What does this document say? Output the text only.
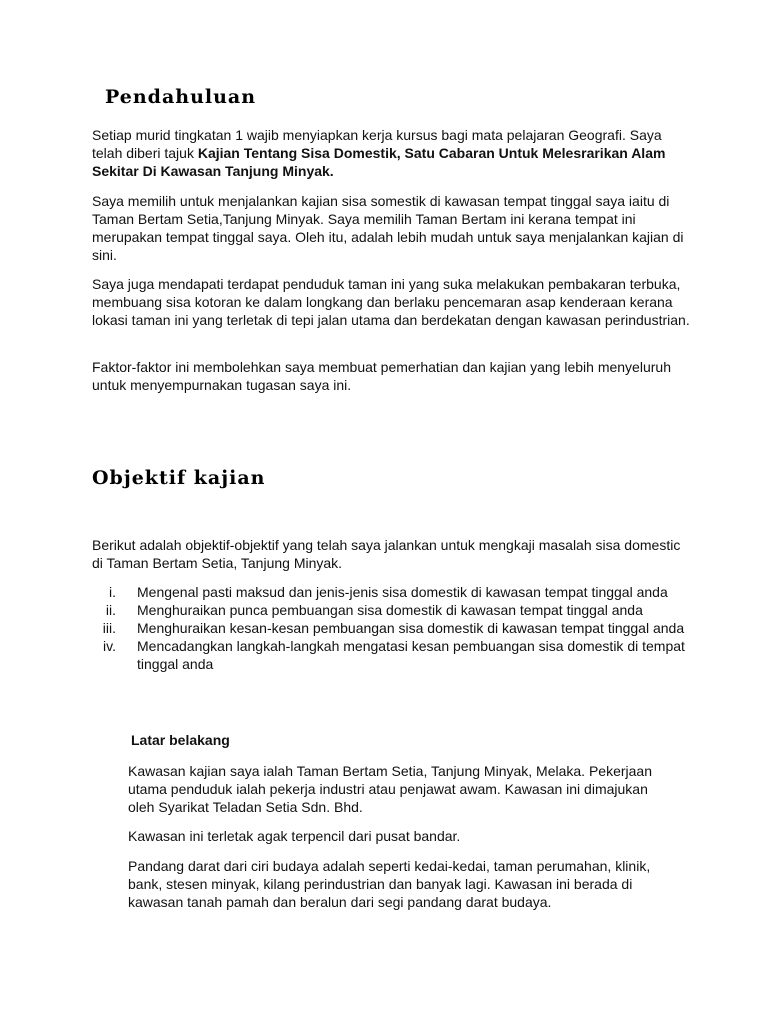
Pendahuluan

Setiap murid tingkatan 1 wajib menyiapkan kerja kursus bagi mata pelajaran Geografi. Saya telah diberi tajuk Kajian Tentang Sisa Domestik, Satu Cabaran Untuk Melesrarikan Alam Sekitar Di Kawasan Tanjung Minyak.

Saya memilih untuk menjalankan kajian sisa somestik di kawasan tempat tinggal saya iaitu di Taman Bertam Setia,Tanjung Minyak. Saya memilih Taman Bertam ini kerana tempat ini merupakan tempat tinggal saya. Oleh itu, adalah lebih mudah untuk saya menjalankan kajian di sini.

Saya juga mendapati terdapat penduduk taman ini yang suka melakukan pembakaran terbuka, membuang sisa kotoran ke dalam longkang dan berlaku pencemaran asap kenderaan kerana lokasi taman ini yang terletak di tepi jalan utama dan berdekatan dengan kawasan perindustrian.

Faktor-faktor ini membolehkan saya membuat pemerhatian dan kajian yang lebih menyeluruh untuk menyempurnakan tugasan saya ini.

Objektif kajian

Berikut adalah objektif-objektif yang telah saya jalankan untuk mengkaji masalah sisa domestic di Taman Bertam Setia, Tanjung Minyak.

i. Mengenal pasti maksud dan jenis-jenis sisa domestik di kawasan tempat tinggal anda
ii. Menghuraikan punca pembuangan sisa domestik di kawasan tempat tinggal anda
iii. Menghuraikan kesan-kesan pembuangan sisa domestik di kawasan tempat tinggal anda
iv. Mencadangkan langkah-langkah mengatasi kesan pembuangan sisa domestik di tempat tinggal anda
Latar belakang

Kawasan kajian saya ialah Taman Bertam Setia, Tanjung Minyak, Melaka. Pekerjaan utama penduduk ialah pekerja industri atau penjawat awam. Kawasan ini dimajukan oleh Syarikat Teladan Setia Sdn. Bhd.

Kawasan ini terletak agak terpencil dari pusat bandar.

Pandang darat dari ciri budaya adalah seperti kedai-kedai, taman perumahan, klinik, bank, stesen minyak, kilang perindustrian dan banyak lagi. Kawasan ini berada di kawasan tanah pamah dan beralun dari segi pandang darat budaya.
